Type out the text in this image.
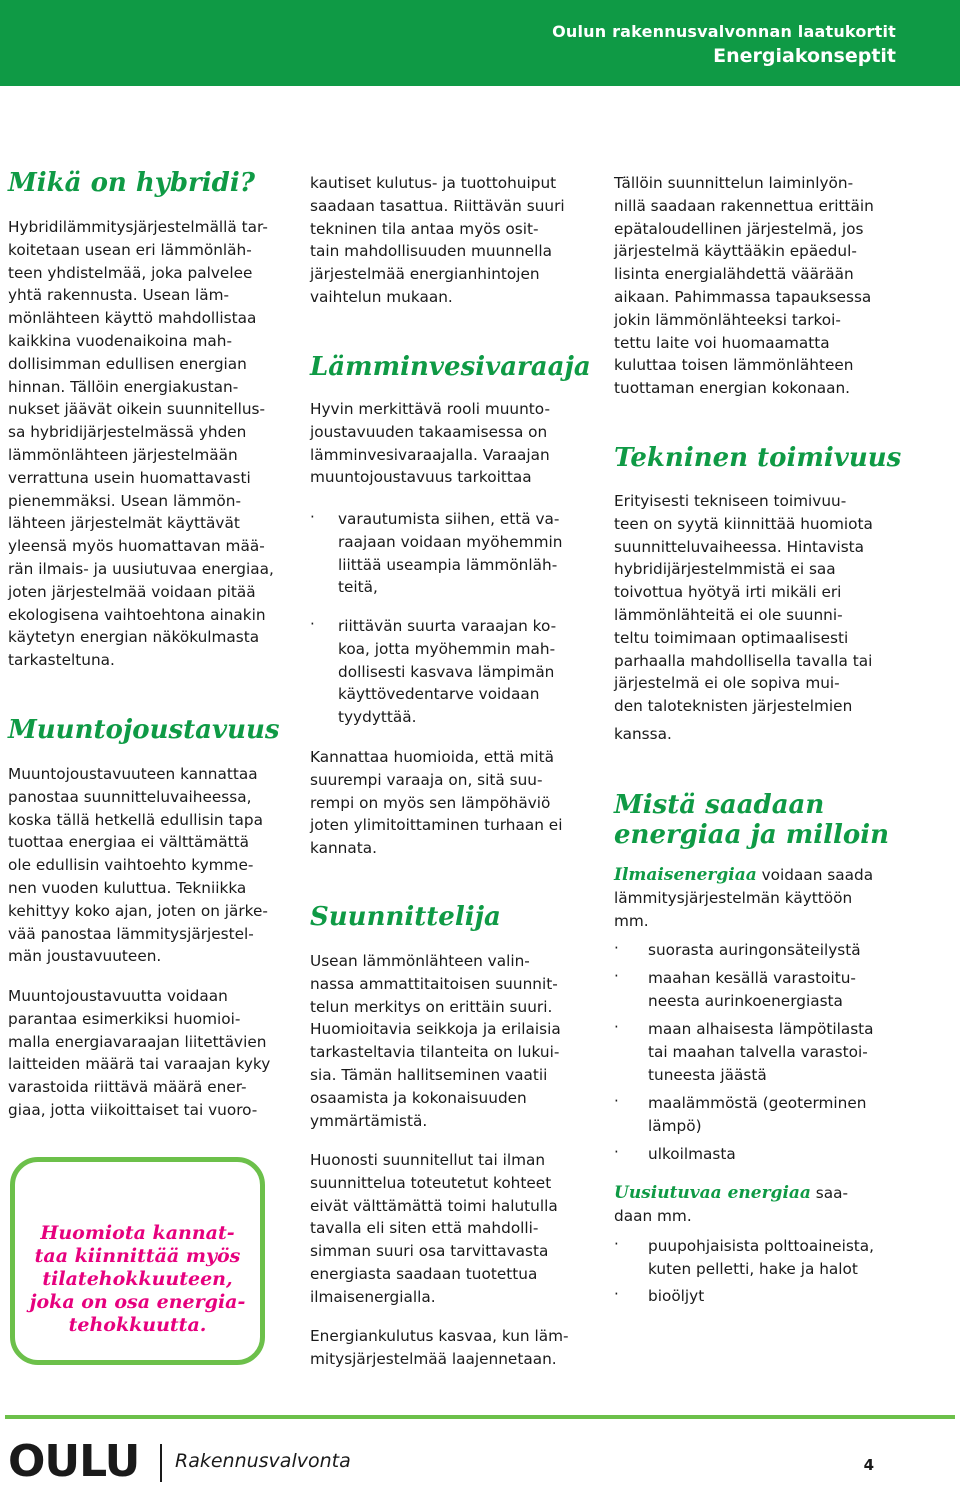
Oulun rakennusvalvonnan laatukortit
Energiakonseptit
Mikä on hybridi?

Hybridilämmitysjärjestelmällä tar-

koitetaan usean eri lämmönläh-

teen yhdistelmää, joka palvelee

yhtä rakennusta. Usean läm-

mönlähteen käyttö mahdollistaa

kaikkina vuodenaikoina mah-

dollisimman edullisen energian

hinnan. Tällöin energiakustan-

nukset jäävät oikein suunnitellus-

sa hybridijärjestelmässä yhden

lämmönlähteen järjestelmään

verrattuna usein huomattavasti

pienemmäksi. Usean lämmön-

lähteen järjestelmät käyttävät

yleensä myös huomattavan mää-

rän ilmais- ja uusiutuvaa energiaa,

joten järjestelmää voidaan pitää

ekologisena vaihtoehtona ainakin

käytetyn energian näkökulmasta

tarkasteltuna.

Muuntojoustavuus

Muuntojoustavuuteen kannattaa

panostaa suunnitteluvaiheessa,

koska tällä hetkellä edullisin tapa

tuottaa energiaa ei välttämättä

ole edullisin vaihtoehto kymme-

nen vuoden kuluttua. Tekniikka

kehittyy koko ajan, joten on järke-

vää panostaa lämmitysjärjestel-

män joustavuuteen.

Muuntojoustavuutta voidaan

parantaa esimerkiksi huomioi-

malla energiavaraajan liitettävien

laitteiden määrä tai varaajan kyky

varastoida riittävä määrä ener-

giaa, jotta viikoittaiset tai vuoro-

Huomiota kannat-
taa kiinnittää myös
tilatehokkuuteen,
joka on osa energia-
tehokkuutta.

kautiset kulutus- ja tuottohuiput

saadaan tasattua. Riittävän suuri

tekninen tila antaa myös osit-

tain mahdollisuuden muunnella

järjestelmää energianhintojen

vaihtelun mukaan.

Lämminvesivaraaja

Hyvin merkittävä rooli muunto-

joustavuuden takaamisessa on

lämminvesivaraajalla. Varaajan

muuntojoustavuus tarkoittaa

· varautumista siihen, että va-

raajaan voidaan myöhemmin

liittää useampia lämmönläh-

teitä,

· riittävän suurta varaajan ko-

koa, jotta myöhemmin mah-

dollisesti kasvava lämpimän

käyttövedentarve voidaan

tyydyttää.

Kannattaa huomioida, että mitä

suurempi varaaja on, sitä suu-

rempi on myös sen lämpöhäviö

joten ylimitoittaminen turhaan ei

kannata.

Suunnittelija

Usean lämmönlähteen valin-

nassa ammattitaitoisen suunnit-

telun merkitys on erittäin suuri.

Huomioitavia seikkoja ja erilaisia

tarkasteltavia tilanteita on lukui-

sia. Tämän hallitseminen vaatii

osaamista ja kokonaisuuden

ymmärtämistä.

Huonosti suunnitellut tai ilman

suunnittelua toteutetut kohteet

eivät välttämättä toimi halutulla

tavalla eli siten että mahdolli-

simman suuri osa tarvittavasta

energiasta saadaan tuotettua

ilmaisenergialla.

Energiankulutus kasvaa, kun läm-

mitysjärjestelmää laajennetaan.

Tällöin suunnittelun laiminlyön-

nillä saadaan rakennettua erittäin

epätaloudellinen järjestelmä, jos

järjestelmä käyttääkin epäedul-

lisinta energialähdettä väärään

aikaan. Pahimmassa tapauksessa

jokin lämmönlähteeksi tarkoi-

tettu laite voi huomaamatta

kuluttaa toisen lämmönlähteen

tuottaman energian kokonaan.

Tekninen toimivuus

Erityisesti tekniseen toimivuu-

teen on syytä kiinnittää huomiota

suunnitteluvaiheessa. Hintavista

hybridijärjestelmmistä ei saa

toivottua hyötyä irti mikäli eri

lämmönlähteitä ei ole suunni-

teltu toimimaan optimaalisesti

parhaalla mahdollisella tavalla tai

järjestelmä ei ole sopiva mui-

den taloteknisten järjestelmien

kanssa.

Mistä saadaan
energiaa ja milloin

Ilmaisenergiaa voidaan saada

lämmitysjärjestelmän käyttöön

mm.

· suorasta auringonsäteilystä

· maahan kesällä varastoitu-

neesta aurinkoenergiasta

· maan alhaisesta lämpötilasta

tai maahan talvella varastoi-

tuneesta jäästä

· maalämmöstä (geoterminen

lämpö)

· ulkoilmasta

Uusiutuvaa energiaa saa-

daan mm.

· puupohjaisista polttoaineista,

kuten pelletti, hake ja halot

· bioöljyt

OULU Rakennusvalvonta	4
